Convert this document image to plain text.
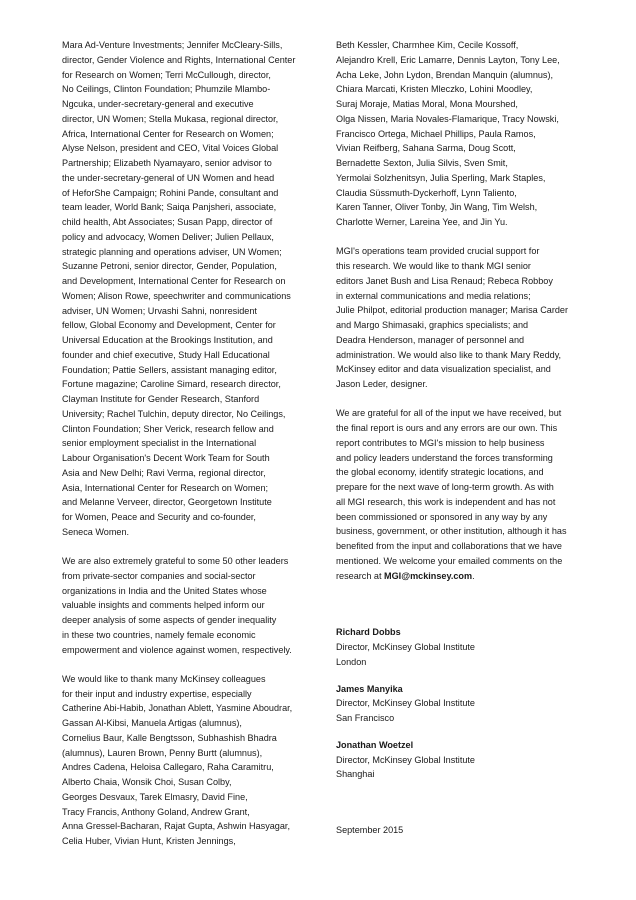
Mara Ad-Venture Investments; Jennifer McCleary-Sills,
director, Gender Violence and Rights, International Center
for Research on Women; Terri McCullough, director,
No Ceilings, Clinton Foundation; Phumzile Mlambo-
Ngcuka, under-secretary-general and executive
director, UN Women; Stella Mukasa, regional director,
Africa, International Center for Research on Women;
Alyse Nelson, president and CEO, Vital Voices Global
Partnership; Elizabeth Nyamayaro, senior advisor to
the under-secretary-general of UN Women and head
of HeforShe Campaign; Rohini Pande, consultant and
team leader, World Bank; Saiqa Panjsheri, associate,
child health, Abt Associates; Susan Papp, director of
policy and advocacy, Women Deliver; Julien Pellaux,
strategic planning and operations adviser, UN Women;
Suzanne Petroni, senior director, Gender, Population,
and Development, International Center for Research on
Women; Alison Rowe, speechwriter and communications
adviser, UN Women; Urvashi Sahni, nonresident
fellow, Global Economy and Development, Center for
Universal Education at the Brookings Institution, and
founder and chief executive, Study Hall Educational
Foundation; Pattie Sellers, assistant managing editor,
Fortune magazine; Caroline Simard, research director,
Clayman Institute for Gender Research, Stanford
University; Rachel Tulchin, deputy director, No Ceilings,
Clinton Foundation; Sher Verick, research fellow and
senior employment specialist in the International
Labour Organisation's Decent Work Team for South
Asia and New Delhi; Ravi Verma, regional director,
Asia, International Center for Research on Women;
and Melanne Verveer, director, Georgetown Institute
for Women, Peace and Security and co-founder,
Seneca Women.

We are also extremely grateful to some 50 other leaders
from private-sector companies and social-sector
organizations in India and the United States whose
valuable insights and comments helped inform our
deeper analysis of some aspects of gender inequality
in these two countries, namely female economic
empowerment and violence against women, respectively.

We would like to thank many McKinsey colleagues
for their input and industry expertise, especially
Catherine Abi-Habib, Jonathan Ablett, Yasmine Aboudrar,
Gassan Al-Kibsi, Manuela Artigas (alumnus),
Cornelius Baur, Kalle Bengtsson, Subhashish Bhadra
(alumnus), Lauren Brown, Penny Burtt (alumnus),
Andres Cadena, Heloisa Callegaro, Raha Caramitru,
Alberto Chaia, Wonsik Choi, Susan Colby,
Georges Desvaux, Tarek Elmasry, David Fine,
Tracy Francis, Anthony Goland, Andrew Grant,
Anna Gressel-Bacharan, Rajat Gupta, Ashwin Hasyagar,
Celia Huber, Vivian Hunt, Kristen Jennings,

Beth Kessler, Charmhee Kim, Cecile Kossoff,
Alejandro Krell, Eric Lamarre, Dennis Layton, Tony Lee,
Acha Leke, John Lydon, Brendan Manquin (alumnus),
Chiara Marcati, Kristen Mleczko, Lohini Moodley,
Suraj Moraje, Matias Moral, Mona Mourshed,
Olga Nissen, Maria Novales-Flamarique, Tracy Nowski,
Francisco Ortega, Michael Phillips, Paula Ramos,
Vivian Reifberg, Sahana Sarma, Doug Scott,
Bernadette Sexton, Julia Silvis, Sven Smit,
Yermolai Solzhenitsyn, Julia Sperling, Mark Staples,
Claudia Süssmuth-Dyckerhoff, Lynn Taliento,
Karen Tanner, Oliver Tonby, Jin Wang, Tim Welsh,
Charlotte Werner, Lareina Yee, and Jin Yu.

MGI's operations team provided crucial support for
this research. We would like to thank MGI senior
editors Janet Bush and Lisa Renaud; Rebeca Robboy
in external communications and media relations;
Julie Philpot, editorial production manager; Marisa Carder
and Margo Shimasaki, graphics specialists; and
Deadra Henderson, manager of personnel and
administration. We would also like to thank Mary Reddy,
McKinsey editor and data visualization specialist, and
Jason Leder, designer.

We are grateful for all of the input we have received, but
the final report is ours and any errors are our own. This
report contributes to MGI's mission to help business
and policy leaders understand the forces transforming
the global economy, identify strategic locations, and
prepare for the next wave of long-term growth. As with
all MGI research, this work is independent and has not
been commissioned or sponsored in any way by any
business, government, or other institution, although it has
benefited from the input and collaborations that we have
mentioned. We welcome your emailed comments on the

research at MGI@mckinsey.com.
Richard Dobbs
Director, McKinsey Global Institute
London
James Manyika
Director, McKinsey Global Institute
San Francisco
Jonathan Woetzel
Director, McKinsey Global Institute
Shanghai
September 2015
